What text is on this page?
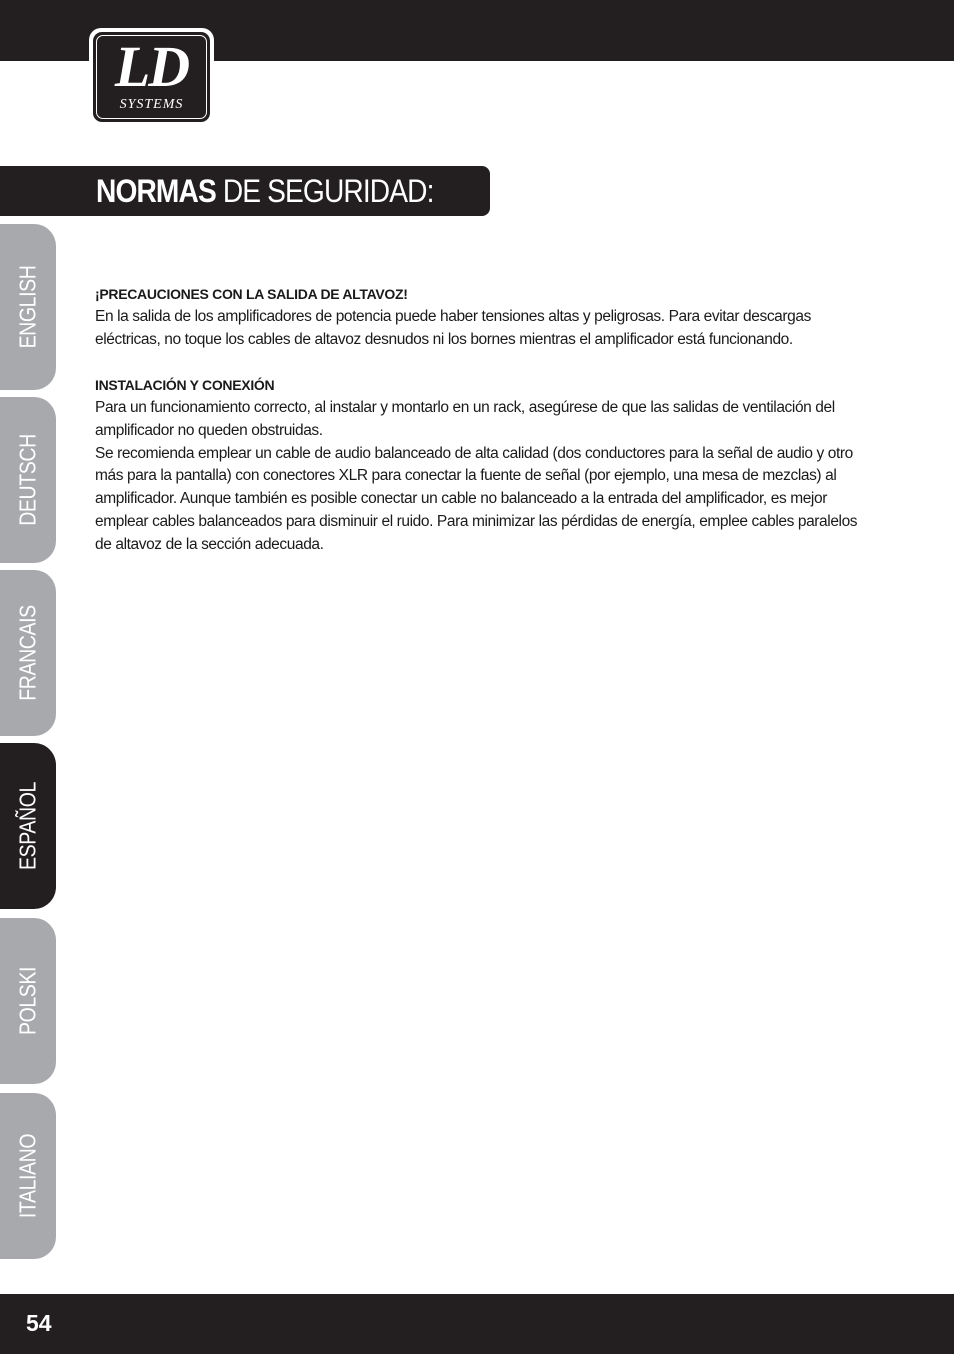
LD
SYSTEMS
NORMAS DE SEGURIDAD:
ENGLISH
DEUTSCH
FRANCAIS
ESPAÑOL
POLSKI
ITALIANO

¡PRECAUCIONES CON LA SALIDA DE ALTAVOZ!

En la salida de los amplificadores de potencia puede haber tensiones altas y peligrosas. Para evitar descargas eléctricas, no toque los cables de altavoz desnudos ni los bornes mientras el amplificador está funcionando.

INSTALACIÓN Y CONEXIÓN

Para un funcionamiento correcto, al instalar y montarlo en un rack, asegúrese de que las salidas de ventilación del amplificador no queden obstruidas.

Se recomienda emplear un cable de audio balanceado de alta calidad (dos conductores para la señal de audio y otro más para la pantalla) con conectores XLR para conectar la fuente de señal (por ejemplo, una mesa de mezclas) al amplificador. Aunque también es posible conectar un cable no balanceado a la entrada del amplificador, es mejor emplear cables balanceados para disminuir el ruido. Para minimizar las pérdidas de energía, emplee cables paralelos de altavoz de la sección adecuada.

54
